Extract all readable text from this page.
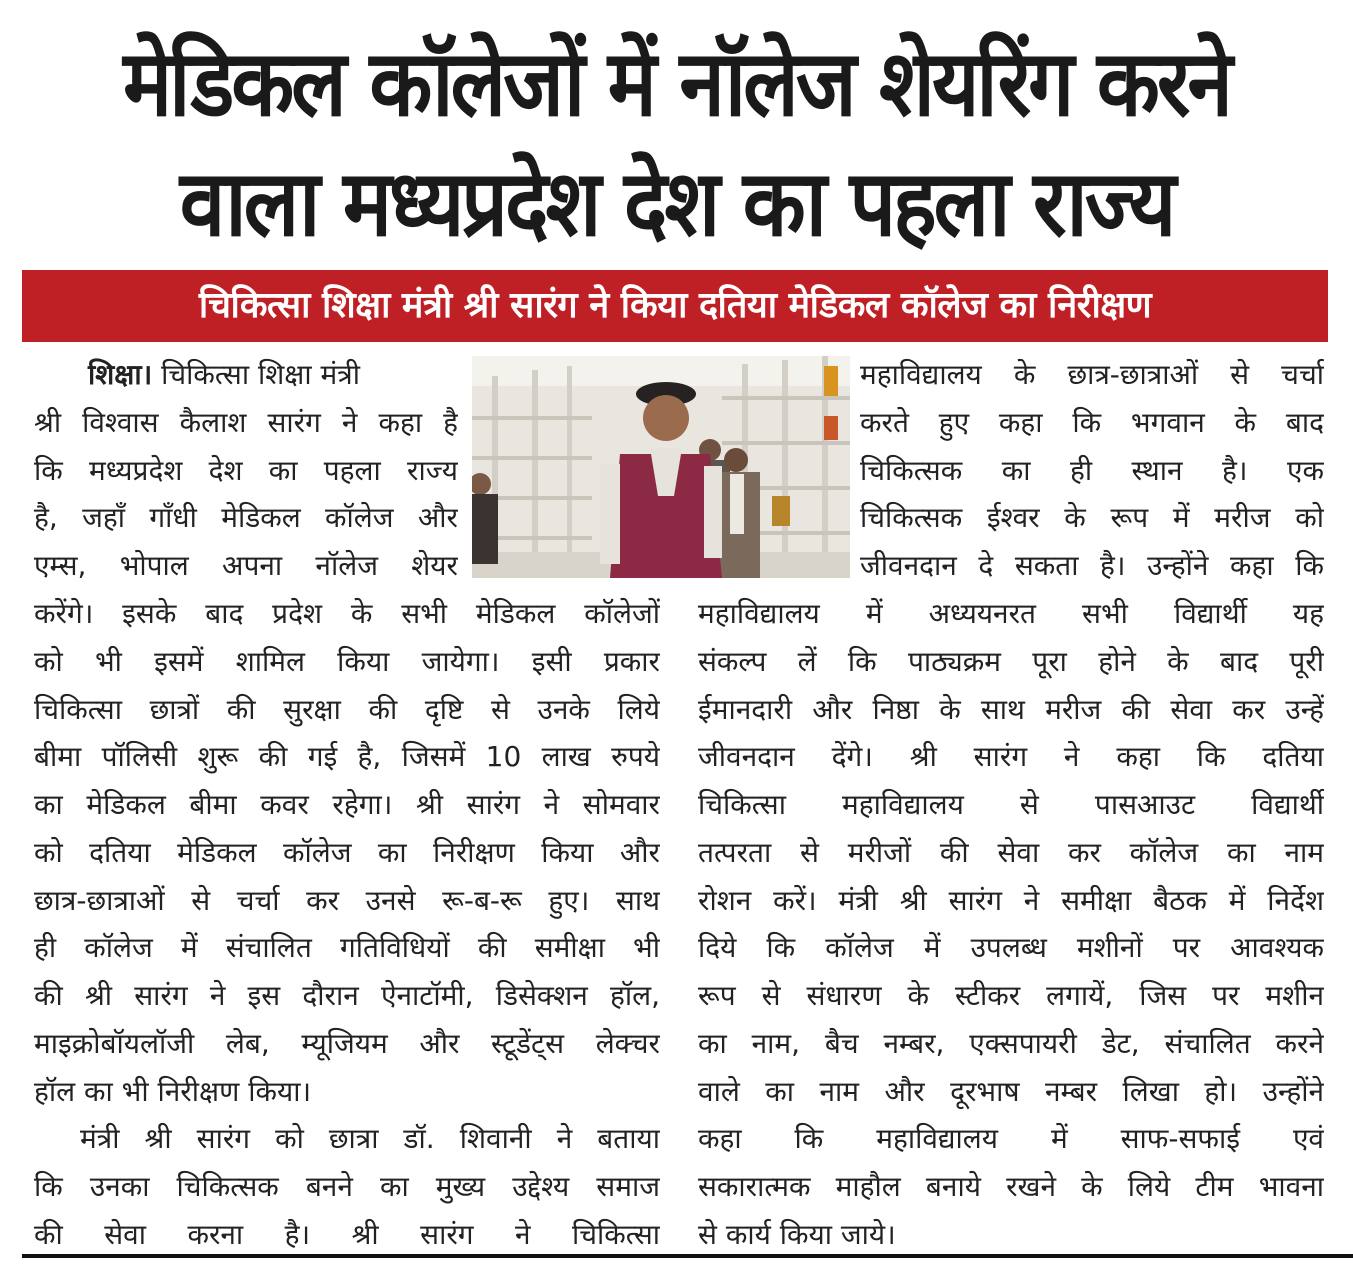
मेडिकल कॉलेजों में नॉलेज शेयरिंग करने
वाला मध्यप्रदेश देश का पहला राज्य
चिकित्सा शिक्षा मंत्री श्री सारंग ने किया दतिया मेडिकल कॉलेज का निरीक्षण
शिक्षा। चिकित्सा शिक्षा मंत्री
श्री विश्वास कैलाश सारंग ने कहा है
कि मध्यप्रदेश देश का पहला राज्य
है, जहाँ गाँधी मेडिकल कॉलेज और
एम्स, भोपाल अपना नॉलेज शेयर
करेंगे। इसके बाद प्रदेश के सभी मेडिकल कॉलेजों
को भी इसमें शामिल किया जायेगा। इसी प्रकार
चिकित्सा छात्रों की सुरक्षा की दृष्टि से उनके लिये
बीमा पॉलिसी शुरू की गई है, जिसमें 10 लाख रुपये
का मेडिकल बीमा कवर रहेगा। श्री सारंग ने सोमवार
को दतिया मेडिकल कॉलेज का निरीक्षण किया और
छात्र-छात्राओं से चर्चा कर उनसे रू-ब-रू हुए। साथ
ही कॉलेज में संचालित गतिविधियों की समीक्षा भी
की श्री सारंग ने इस दौरान ऐनाटॉमी, डिसेक्शन हॉल,
माइक्रोबॉयलॉजी लेब, म्यूजियम और स्टूडेंट्स लेक्चर
हॉल का भी निरीक्षण किया।
मंत्री श्री सारंग को छात्रा डॉ. शिवानी ने बताया
कि उनका चिकित्सक बनने का मुख्य उद्देश्य समाज
की सेवा करना है। श्री सारंग ने चिकित्सा
महाविद्यालय के छात्र-छात्राओं से चर्चा
करते हुए कहा कि भगवान के बाद
चिकित्सक का ही स्थान है। एक
चिकित्सक ईश्वर के रूप में मरीज को
जीवनदान दे सकता है। उन्होंने कहा कि
महाविद्यालय में अध्ययनरत सभी विद्यार्थी यह
संकल्प लें कि पाठ्यक्रम पूरा होने के बाद पूरी
ईमानदारी और निष्ठा के साथ मरीज की सेवा कर उन्हें
जीवनदान देंगे। श्री सारंग ने कहा कि दतिया
चिकित्सा महाविद्यालय से पासआउट विद्यार्थी
तत्परता से मरीजों की सेवा कर कॉलेज का नाम
रोशन करें। मंत्री श्री सारंग ने समीक्षा बैठक में निर्देश
दिये कि कॉलेज में उपलब्ध मशीनों पर आवश्यक
रूप से संधारण के स्टीकर लगायें, जिस पर मशीन
का नाम, बैच नम्बर, एक्सपायरी डेट, संचालित करने
वाले का नाम और दूरभाष नम्बर लिखा हो। उन्होंने
कहा कि महाविद्यालय में साफ-सफाई एवं
सकारात्मक माहौल बनाये रखने के लिये टीम भावना
से कार्य किया जाये।
